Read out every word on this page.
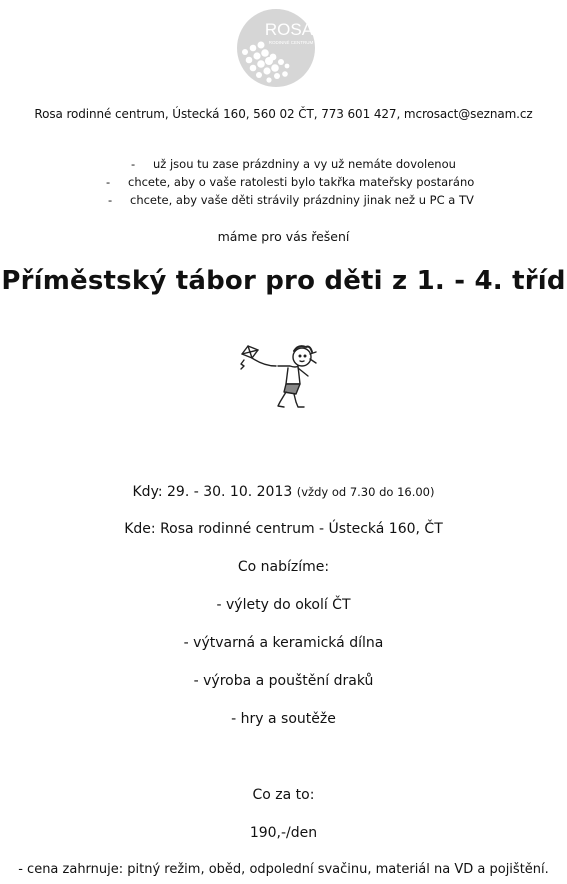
ROSA
RODINNÉ CENTRUM
Rosa rodinné centrum, Ústecká 160, 560 02 ČT, 773 601 427, mcrosact@seznam.cz
- už jsou tu zase prázdniny a vy už nemáte dovolenou
- chcete, aby o vaše ratolesti bylo takřka mateřsky postaráno
- chcete, aby vaše děti strávily prázdniny jinak než u PC a TV
máme pro vás řešení
Příměstský tábor pro děti z 1. - 4. tříd
Kdy: 29. - 30. 10. 2013 (vždy od 7.30 do 16.00)
Kde: Rosa rodinné centrum - Ústecká 160, ČT
Co nabízíme:
- výlety do okolí ČT
- výtvarná a keramická dílna
- výroba a pouštění draků
- hry a soutěže
Co za to:
190,-/den
- cena zahrnuje: pitný režim, oběd, odpolední svačinu, materiál na VD a pojištění.
